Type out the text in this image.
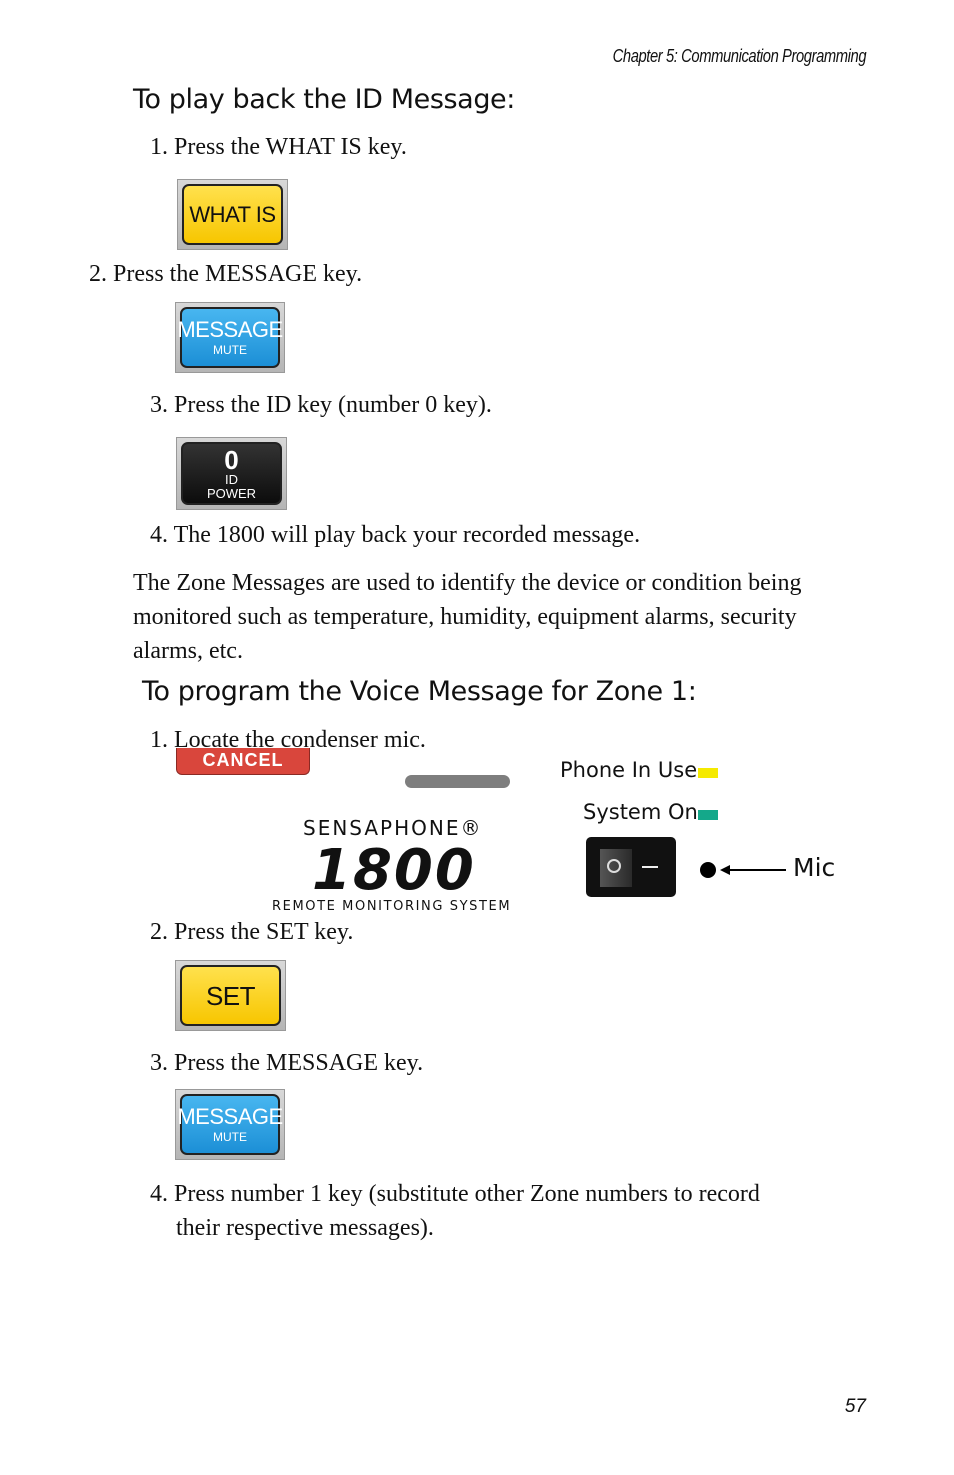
Chapter 5: Communication Programming
To play back the ID Message:
1. Press the WHAT IS key.
WHAT IS
2. Press the MESSAGE key.
MESSAGE
MUTE
3. Press the ID key (number 0 key).
0
ID
POWER
4. The 1800 will play back your recorded message.
The Zone Messages are used to identify the device or condition being monitored such as temperature, humidity, equipment alarms, security alarms, etc.
To program the Voice Message for Zone 1:
CANCEL
1. Locate the condenser mic.
SENSAPHONE®
1800
REMOTE MONITORING SYSTEM
Phone In Use
System On
Mic
2. Press the SET key.
SET
3. Press the MESSAGE key.
MESSAGE
MUTE
4. Press number 1 key (substitute other Zone numbers to record
their respective messages).
57
